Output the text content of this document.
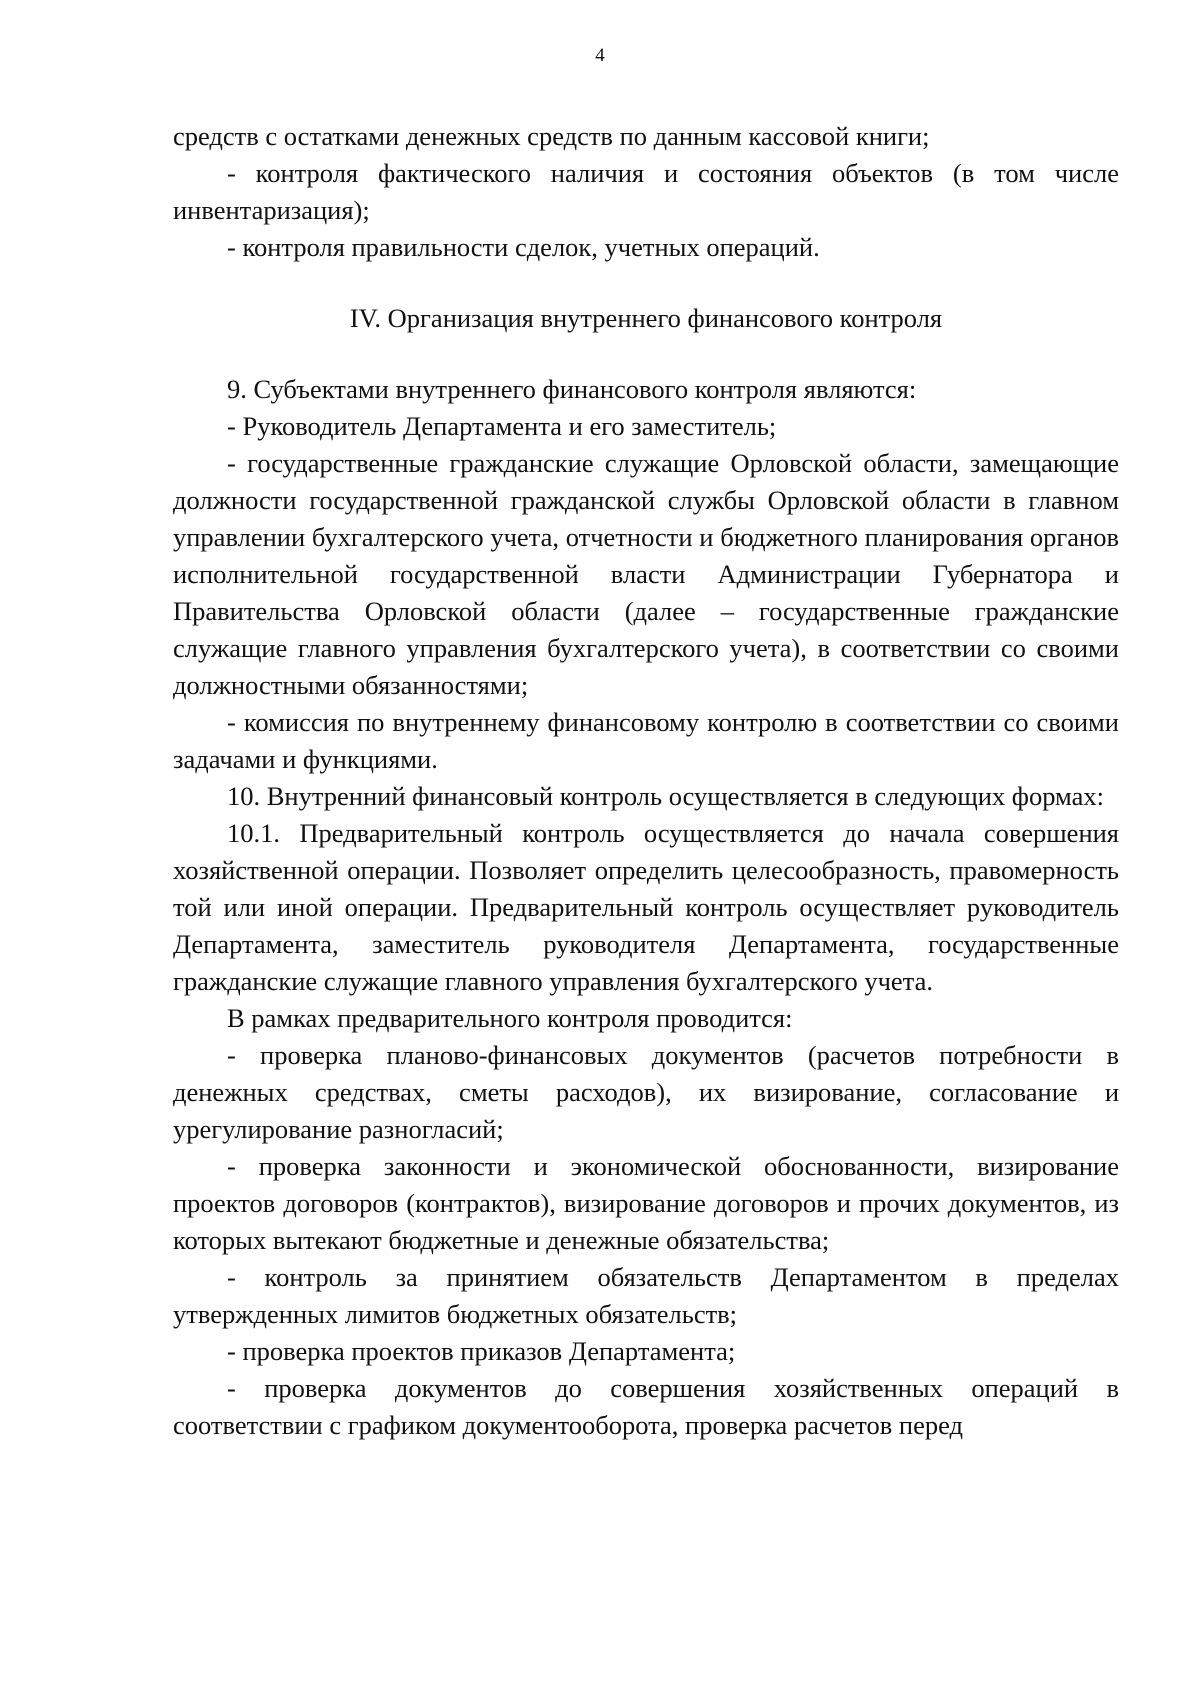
4

средств с остатками денежных средств по данным кассовой книги;

- контроля фактического наличия и состояния объектов (в том числе инвентаризация);

- контроля правильности сделок, учетных операций.

IV. Организация внутреннего финансового контроля

9. Субъектами внутреннего финансового контроля являются:

- Руководитель Департамента и его заместитель;

- государственные гражданские служащие Орловской области, замещающие должности государственной гражданской службы Орловской области в главном управлении бухгалтерского учета, отчетности и бюджетного планирования органов исполнительной государственной власти Администрации Губернатора и Правительства Орловской области (далее – государственные гражданские служащие главного управления бухгалтерского учета), в соответствии со своими должностными обязанностями;

- комиссия по внутреннему финансовому контролю в соответствии со своими задачами и функциями.

10. Внутренний финансовый контроль осуществляется в следующих формах:

10.1. Предварительный контроль осуществляется до начала совершения хозяйственной операции. Позволяет определить целесообразность, правомерность той или иной операции. Предварительный контроль осуществляет руководитель Департамента, заместитель руководителя Департамента, государственные гражданские служащие главного управления бухгалтерского учета.

В рамках предварительного контроля проводится:

- проверка планово-финансовых документов (расчетов потребности в денежных средствах, сметы расходов), их визирование, согласование и урегулирование разногласий;

- проверка законности и экономической обоснованности, визирование проектов договоров (контрактов), визирование договоров и прочих документов, из которых вытекают бюджетные и денежные обязательства;

- контроль за принятием обязательств Департаментом в пределах утвержденных лимитов бюджетных обязательств;

- проверка проектов приказов Департамента;

- проверка документов до совершения хозяйственных операций в соответствии с графиком документооборота, проверка расчетов перед
